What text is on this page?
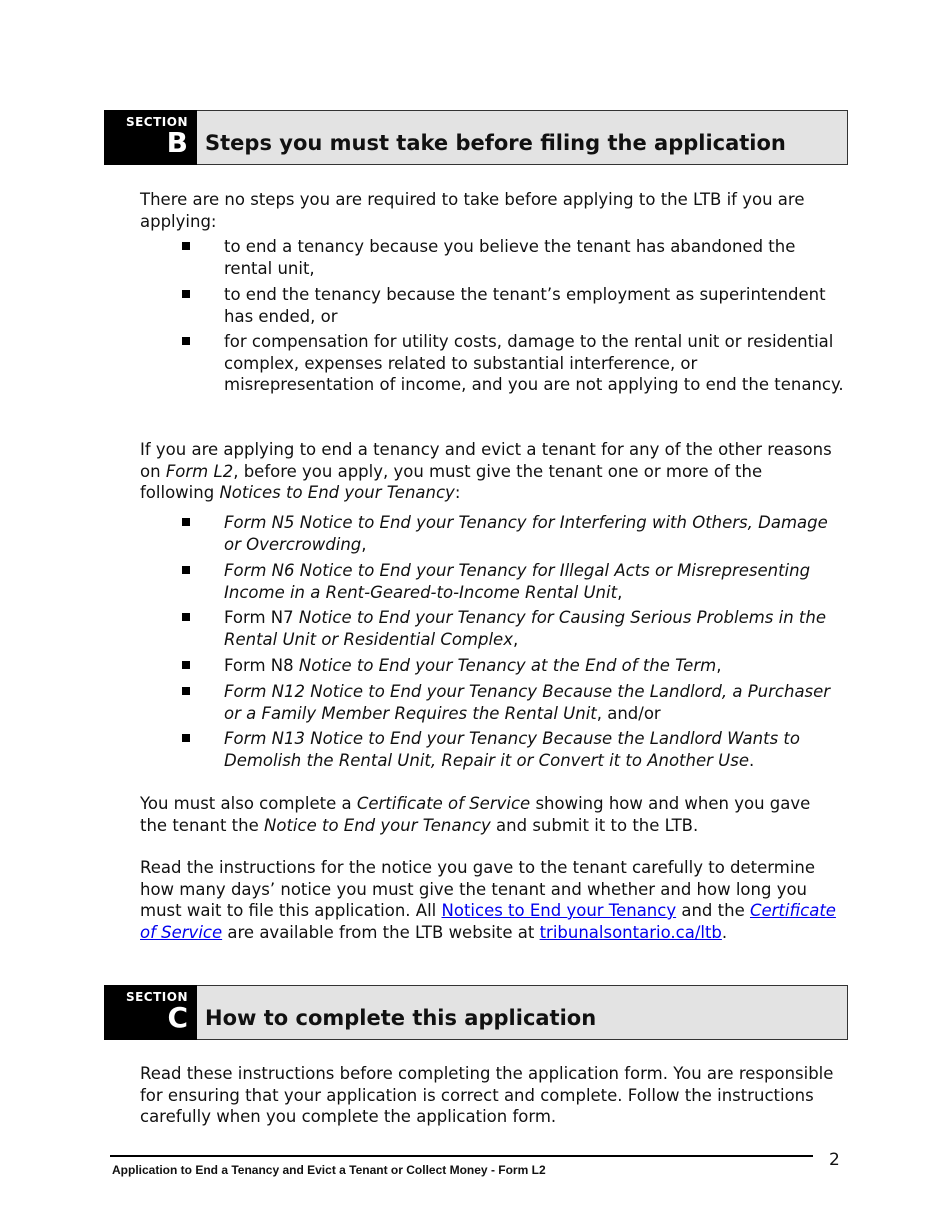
SECTION
B Steps you must take before filing the application
There are no steps you are required to take before applying to the LTB if you are applying:
to end a tenancy because you believe the tenant has abandoned the rental unit,
to end the tenancy because the tenant’s employment as superintendent has ended, or
for compensation for utility costs, damage to the rental unit or residential complex, expenses related to substantial interference, or misrepresentation of income, and you are not applying to end the tenancy.
If you are applying to end a tenancy and evict a tenant for any of the other reasons on Form L2, before you apply, you must give the tenant one or more of the following Notices to End your Tenancy:
Form N5 Notice to End your Tenancy for Interfering with Others, Damage or Overcrowding,
Form N6 Notice to End your Tenancy for Illegal Acts or Misrepresenting Income in a Rent-Geared-to-Income Rental Unit,
Form N7 Notice to End your Tenancy for Causing Serious Problems in the Rental Unit or Residential Complex,
Form N8 Notice to End your Tenancy at the End of the Term,
Form N12 Notice to End your Tenancy Because the Landlord, a Purchaser or a Family Member Requires the Rental Unit, and/or
Form N13 Notice to End your Tenancy Because the Landlord Wants to Demolish the Rental Unit, Repair it or Convert it to Another Use.
You must also complete a Certificate of Service showing how and when you gave the tenant the Notice to End your Tenancy and submit it to the LTB.
Read the instructions for the notice you gave to the tenant carefully to determine how many days’ notice you must give the tenant and whether and how long you must wait to file this application. All Notices to End your Tenancy and the Certificate of Service are available from the LTB website at tribunalsontario.ca/ltb.
SECTION
C How to complete this application
Read these instructions before completing the application form. You are responsible for ensuring that your application is correct and complete. Follow the instructions carefully when you complete the application form.
Application to End a Tenancy and Evict a Tenant or Collect Money - Form L2	2
